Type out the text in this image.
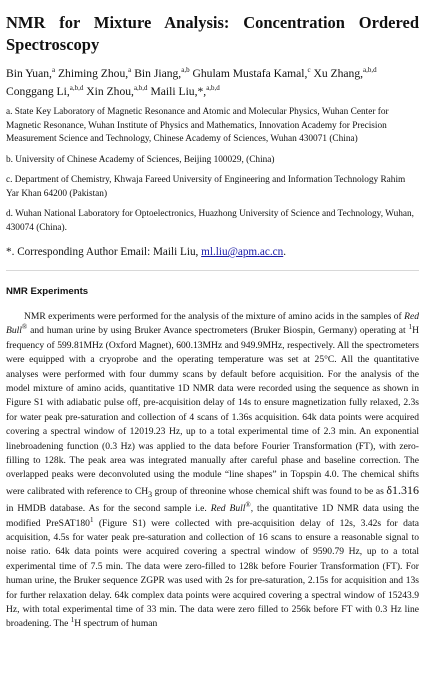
NMR for Mixture Analysis: Concentration Ordered Spectroscopy

Bin Yuan,$^a$ Zhiming Zhou,$^a$ Bin Jiang,$^{a,b}$ Ghulam Mustafa Kamal,$^c$ Xu Zhang,$^{a,b,d}$ Conggang Li,$^{a,b,d}$ Xin Zhou,$^{a,b,d}$ Maili Liu,*,$^{a,b,d}$

a. State Key Laboratory of Magnetic Resonance and Atomic and Molecular Physics, Wuhan Center for Magnetic Resonance, Wuhan Institute of Physics and Mathematics, Innovation Academy for Precision Measurement Science and Technology, Chinese Academy of Sciences, Wuhan 430071 (China)

b. University of Chinese Academy of Sciences, Beijing 100029, (China)

c. Department of Chemistry, Khwaja Fareed University of Engineering and Information Technology Rahim Yar Khan 64200 (Pakistan)

d. Wuhan National Laboratory for Optoelectronics, Huazhong University of Science and Technology, Wuhan, 430074 (China).

*. Corresponding Author Email: Maili Liu, ml.liu@apm.ac.cn.

NMR Experiments

NMR experiments were performed for the analysis of the mixture of amino acids in the samples of Red Bull® and human urine by using Bruker Avance spectrometers (Bruker Biospin, Germany) operating at $^1$H frequency of 599.81MHz (Oxford Magnet), 600.13MHz and 949.9MHz, respectively. All the spectrometers were equipped with a cryoprobe and the operating temperature was set at 25°C. All the quantitative analyses were performed with four dummy scans by default before acquisition. For the analysis of the model mixture of amino acids, quantitative 1D NMR data were recorded using the sequence as shown in Figure S1 with adiabatic pulse off, pre-acquisition delay of 14s to ensure magnetization fully relaxed, 2.3s for water peak pre-saturation and collection of 4 scans of 1.36s acquisition. 64k data points were acquired covering a spectral window of 12019.23 Hz, up to a total experimental time of 2.3 min. An exponential linebroadening function (0.3 Hz) was applied to the data before Fourier Transformation (FT), with zero-filling to 128k. The peak area was integrated manually after careful phase and baseline correction. The overlapped peaks were deconvoluted using the module “line shapes” in Topspin 4.0. The chemical shifts were calibrated with reference to $CH_3$ group of threonine whose chemical shift was found to be as δ1.316 in HMDB database. As for the second sample i.e. Red Bull®, the quantitative 1D NMR data using the modified $PreSAT180^1$ (Figure S1) were collected with pre-acquisition delay of 12s, 3.42s for data acquisition, 4.5s for water peak pre-saturation and collection of 16 scans to ensure a reasonable signal to noise ratio. 64k data points were acquired covering a spectral window of 9590.79 Hz, up to a total experimental time of 7.5 min. The data were zero-filled to 128k before Fourier Transformation (FT). For human urine, the Bruker sequence ZGPR was used with 2s for pre-saturation, 2.15s for acquisition and 13s for further relaxation delay. 64k complex data points were acquired covering a spectral window of 15243.9 Hz, with total experimental time of 33 min. The data were zero filled to 256k before FT with 0.3 Hz line broadening. The $^1$H spectrum of human
